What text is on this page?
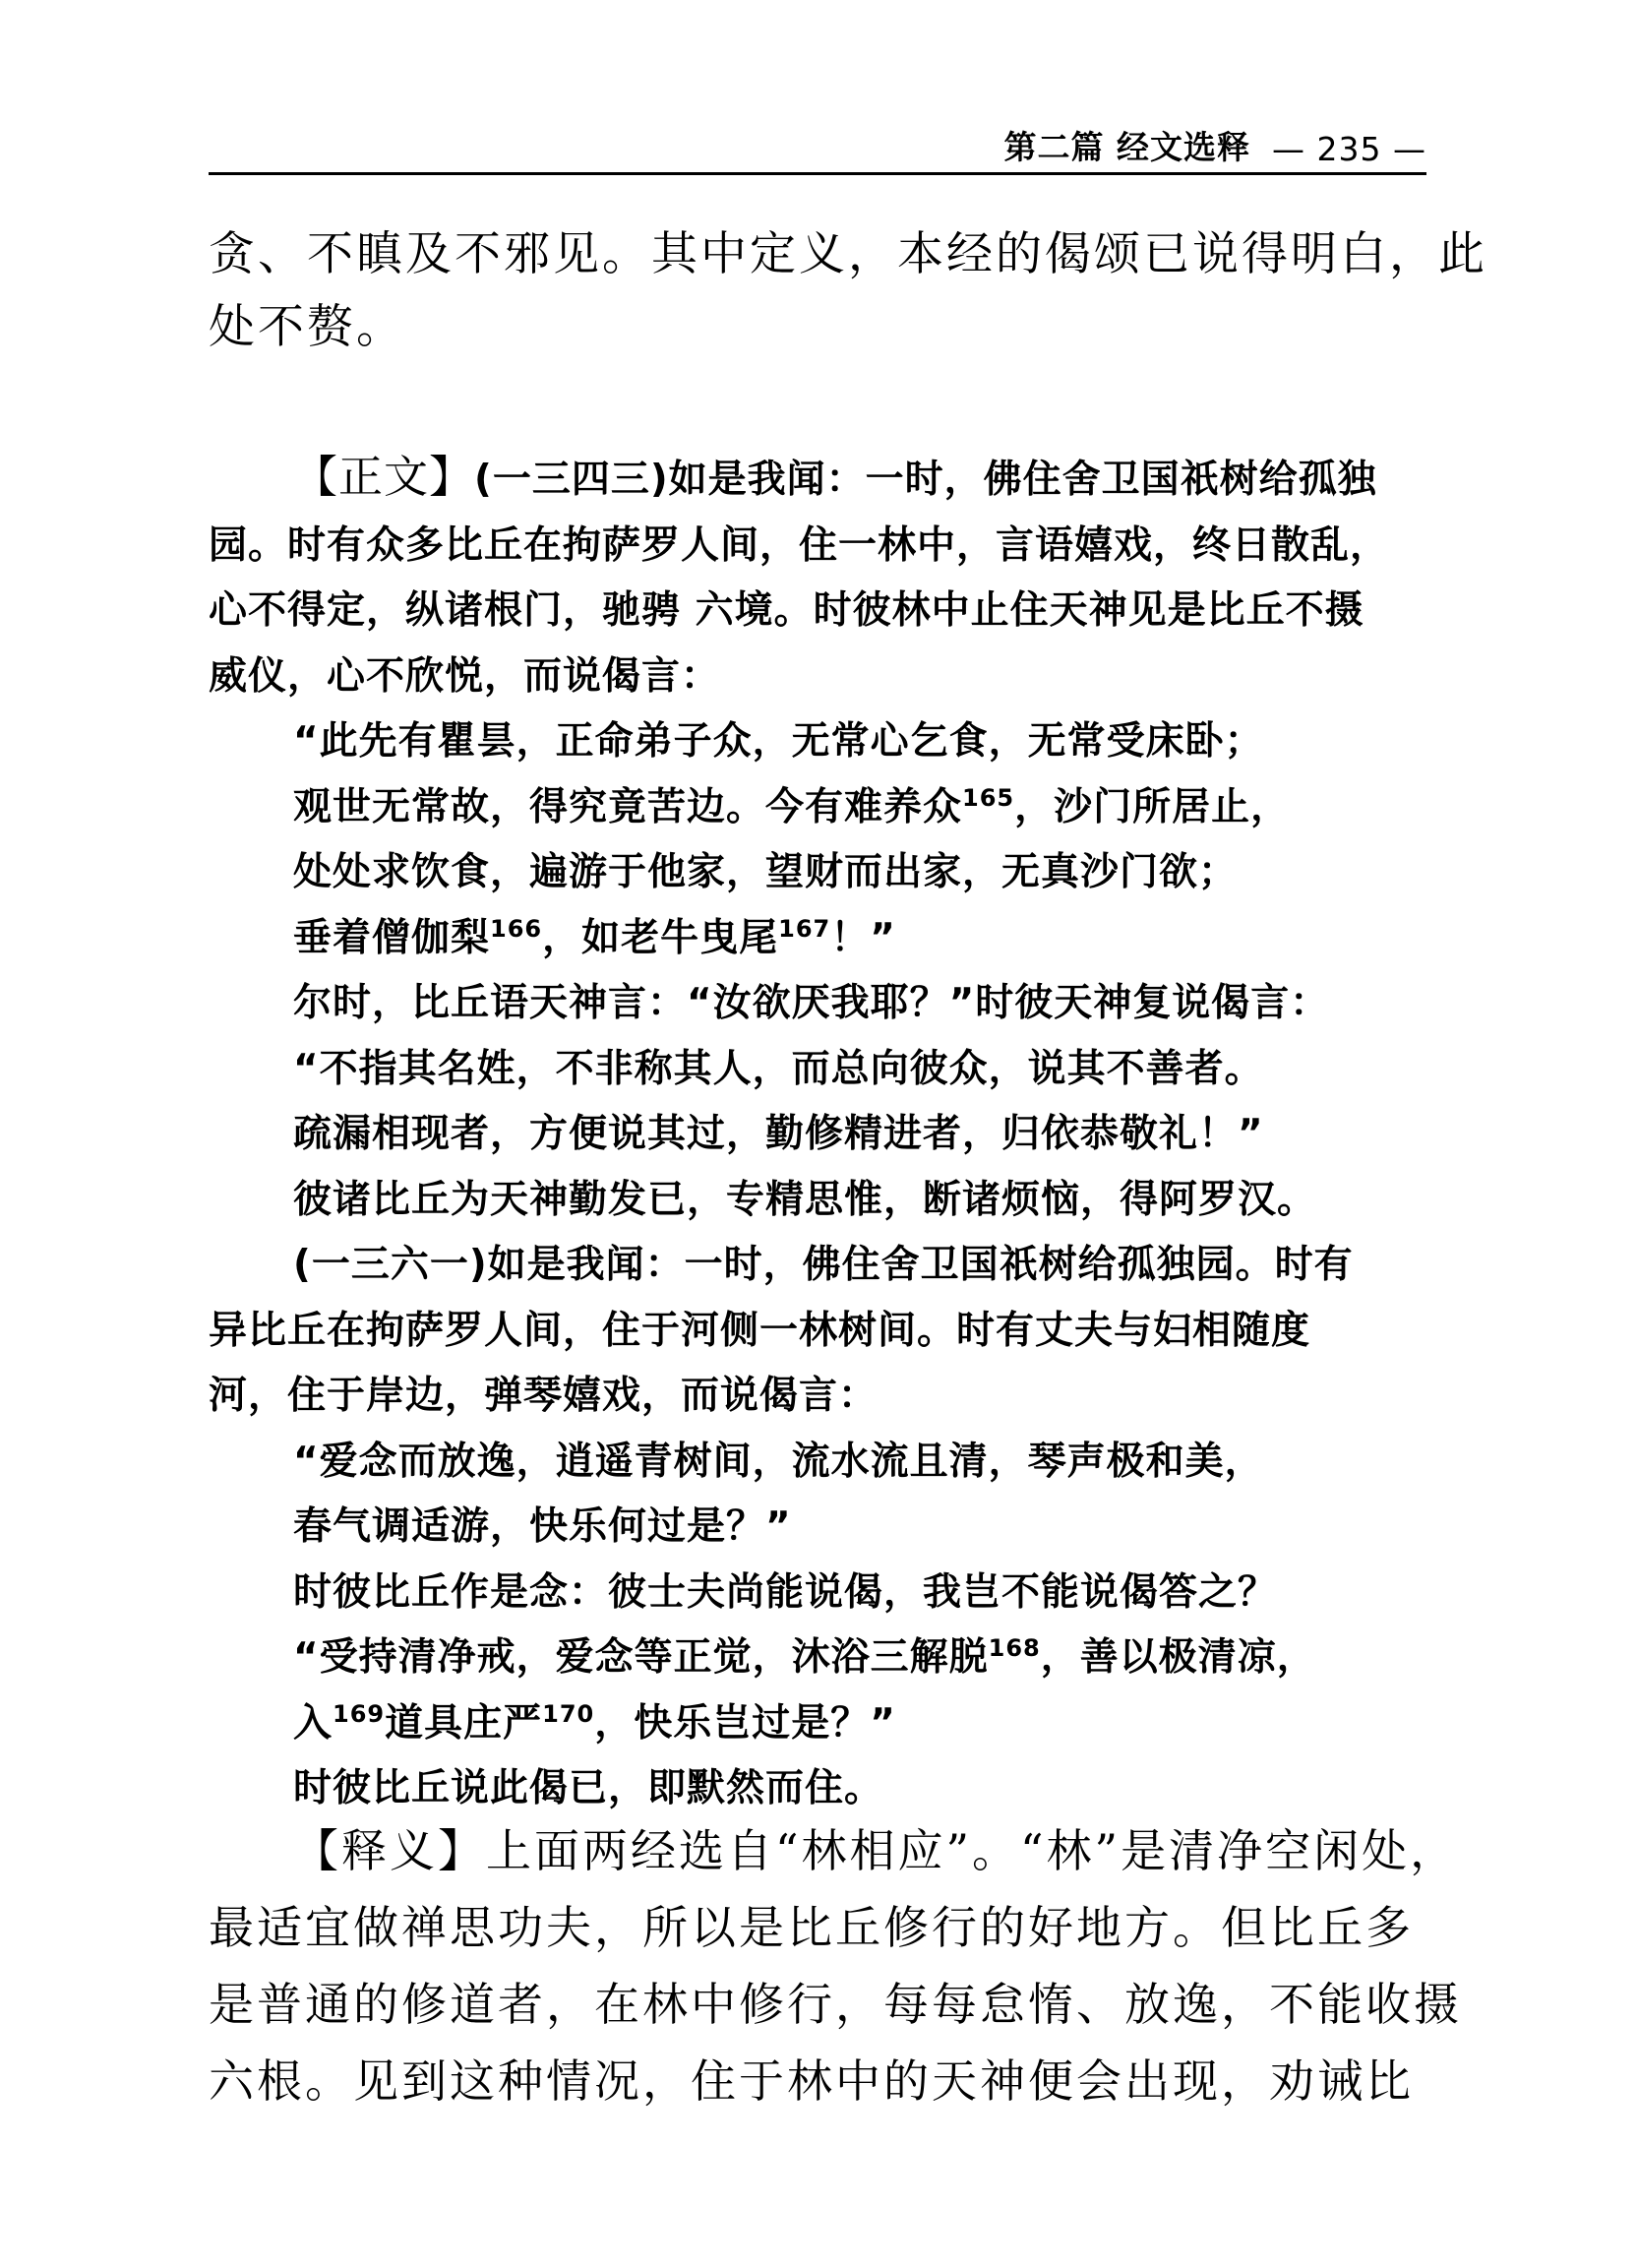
第二篇 经文选释 — 235 —
贪、不瞋及不邪见。其中定义，本经的偈颂已说得明白，此
处不赘。
【正文】(一三四三)如是我闻：一时，佛住舍卫国祇树给孤独
园。时有众多比丘在拘萨罗人间，住一林中，言语嬉戏，终日散乱，
心不得定，纵诸根门，驰骋 六境。时彼林中止住天神见是比丘不摄
威仪，心不欣悦，而说偈言：
“此先有瞿昙，正命弟子众，无常心乞食，无常受床卧；
观世无常故，得究竟苦边。今有难养众$^{165}$，沙门所居止，
处处求饮食，遍游于他家，望财而出家，无真沙门欲；
垂着僧伽梨$^{166}$，如老牛曳尾$^{167}$！”
尔时，比丘语天神言：“汝欲厌我耶？”时彼天神复说偈言：
“不指其名姓，不非称其人，而总向彼众，说其不善者。
疏漏相现者，方便说其过，勤修精进者，归依恭敬礼！”
彼诸比丘为天神勤发已，专精思惟，断诸烦恼，得阿罗汉。
(一三六一)如是我闻：一时，佛住舍卫国祇树给孤独园。时有
异比丘在拘萨罗人间，住于河侧一林树间。时有丈夫与妇相随度
河，住于岸边，弹琴嬉戏，而说偈言：
“爱念而放逸，逍遥青树间，流水流且清，琴声极和美，
春气调适游，快乐何过是？”
时彼比丘作是念：彼士夫尚能说偈，我岂不能说偈答之？
“受持清净戒，爱念等正觉，沐浴三解脱$^{168}$，善以极清凉，
入$^{169}$道具庄严$^{170}$，快乐岂过是？”
时彼比丘说此偈已，即默然而住。
【释义】上面两经选自“林相应”。“林”是清净空闲处，
最适宜做禅思功夫，所以是比丘修行的好地方。但比丘多
是普通的修道者，在林中修行，每每怠惰、放逸，不能收摄
六根。见到这种情况，住于林中的天神便会出现，劝诫比
